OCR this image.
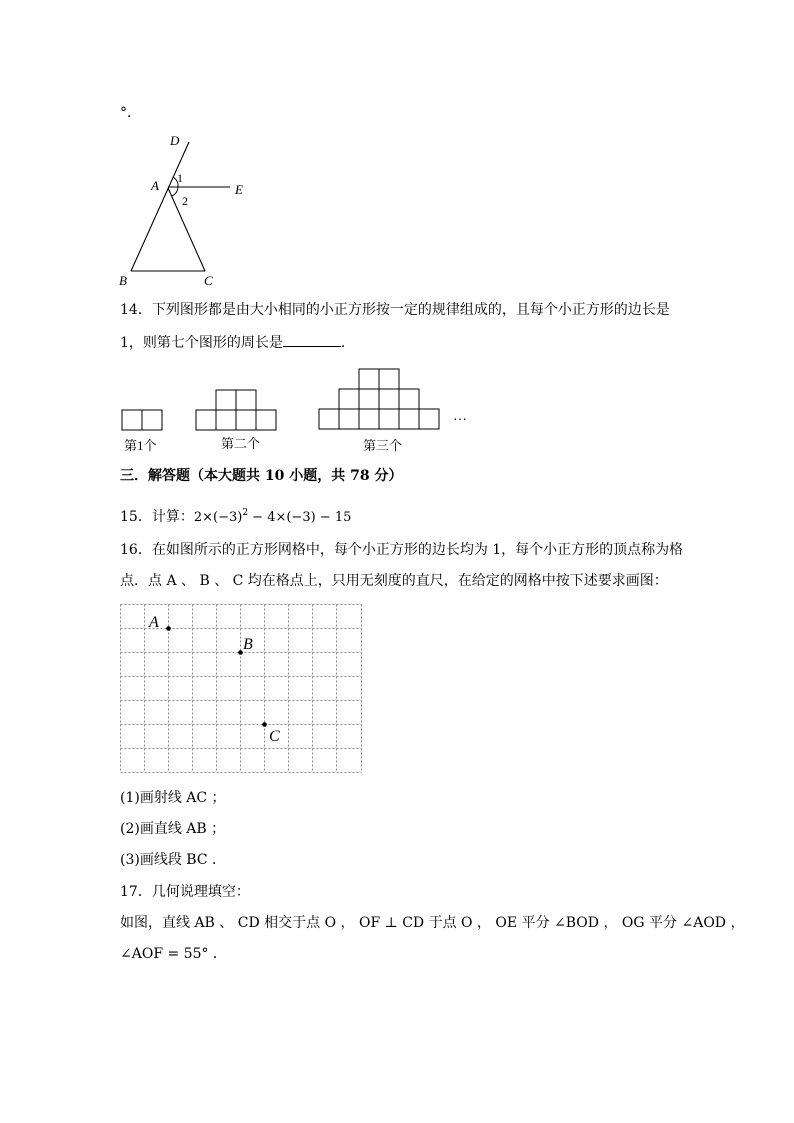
°．
D
A	E
B	C
1
2
14．下列图形都是由大小相同的小正方形按一定的规律组成的，且每个小正方形的边长是
1，则第七个图形的周长是	．
…
第1个	第二个	第三个
三．解答题（本大题共 10 小题，共 78 分）
15．计算：$2\times(-3)^2 - 4\times(-3) - 15$
16．在如图所示的正方形网格中，每个小正方形的边长均为 1，每个小正方形的顶点称为格
点．点 A 、 B 、 C 均在格点上，只用无刻度的直尺，在给定的网格中按下述要求画图：
A
B
C
(1)画射线 AC ；
(2)画直线 AB ；
(3)画线段 BC ．
17．几何说理填空：
如图，直线 AB 、 CD 相交于点 O ， OF ⊥ CD 于点 O ， OE 平分 ∠BOD ， OG 平分 ∠AOD ，
∠AOF = 55° ．
